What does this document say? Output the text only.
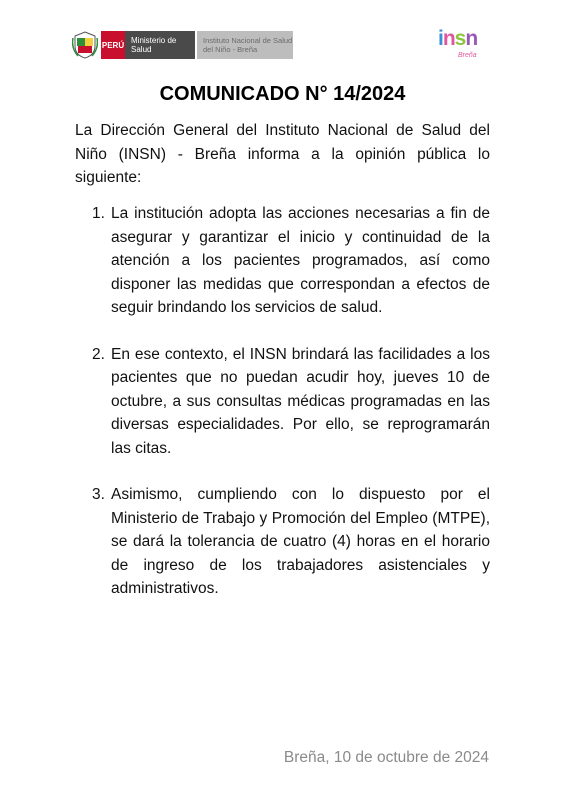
PERÚ Ministerio de Salud
Instituto Nacional de Salud del Niño - Breña	i n s n
Breña
COMUNICADO N° 14/2024
La Dirección General del Instituto Nacional de Salud del Niño (INSN) - Breña informa a la opinión pública lo siguiente:
1. La institución adopta las acciones necesarias a fin de asegurar y garantizar el inicio y continuidad de la atención a los pacientes programados, así como disponer las medidas que correspondan a efectos de seguir brindando los servicios de salud.
2. En ese contexto, el INSN brindará las facilidades a los pacientes que no puedan acudir hoy, jueves 10 de octubre, a sus consultas médicas programadas en las diversas especialidades. Por ello, se reprogramarán las citas.
3. Asimismo, cumpliendo con lo dispuesto por el Ministerio de Trabajo y Promoción del Empleo (MTPE), se dará la tolerancia de cuatro (4) horas en el horario de ingreso de los trabajadores asistenciales y administrativos.
Breña, 10 de octubre de 2024
